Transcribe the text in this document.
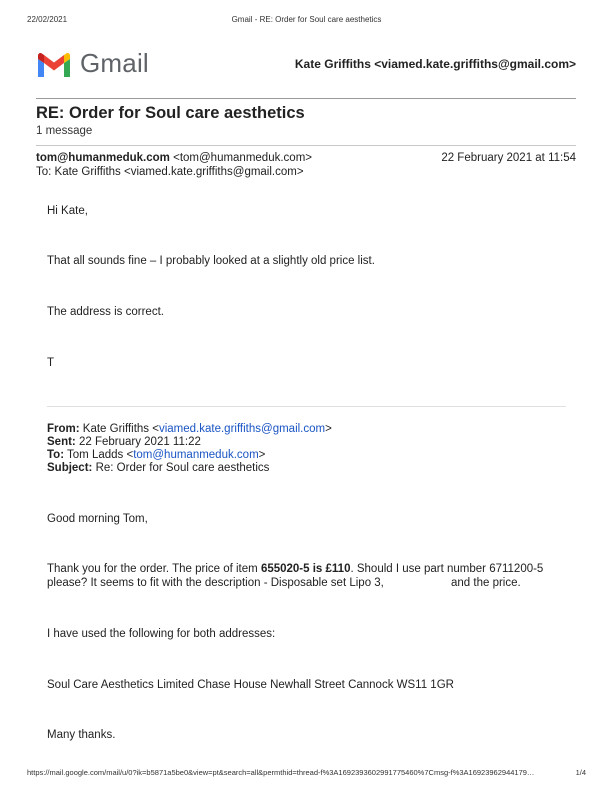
22/02/2021	Gmail - RE: Order for Soul care aesthetics
Gmail	Kate Griffiths <viamed.kate.griffiths@gmail.com>
RE: Order for Soul care aesthetics
1 message
tom@humanmeduk.com <tom@humanmeduk.com>	22 February 2021 at 11:54
To: Kate Griffiths <viamed.kate.griffiths@gmail.com>
Hi Kate,
That all sounds fine – I probably looked at a slightly old price list.
The address is correct.
T
From: Kate Griffiths <viamed.kate.griffiths@gmail.com>
Sent: 22 February 2021 11:22
To: Tom Ladds <tom@humanmeduk.com>
Subject: Re: Order for Soul care aesthetics
Good morning Tom,
Thank you for the order. The price of item 655020-5 is £110. Should I use part number 6711200-5
please? It seems to fit with the description - Disposable set Lipo 3,	and the price.
I have used the following for both addresses:
Soul Care Aesthetics Limited Chase House Newhall Street Cannock WS11 1GR
Many thanks.
https://mail.google.com/mail/u/0?ik=b5871a5be0&view=pt&search=all&permthid=thread-f%3A1692393602991775460%7Cmsg-f%3A16923962944179…	1/4
